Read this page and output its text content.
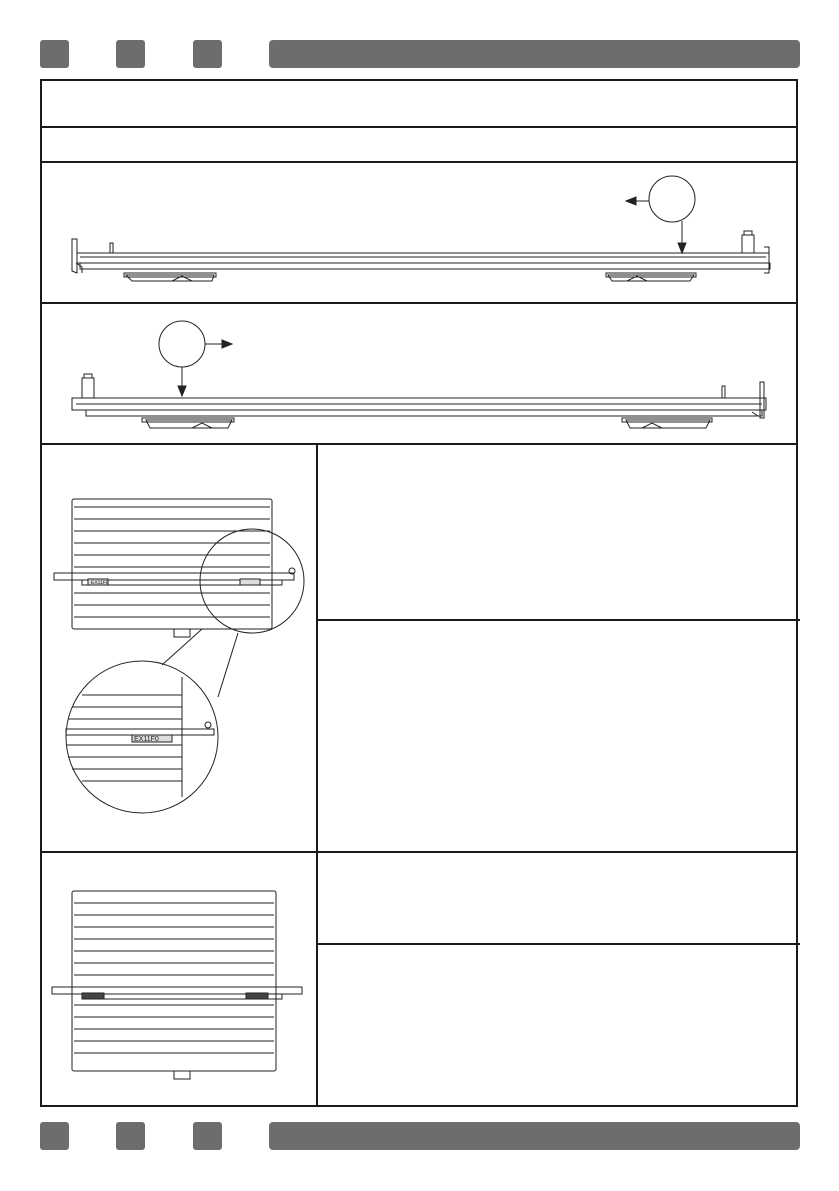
EX11F0
EX11F0
